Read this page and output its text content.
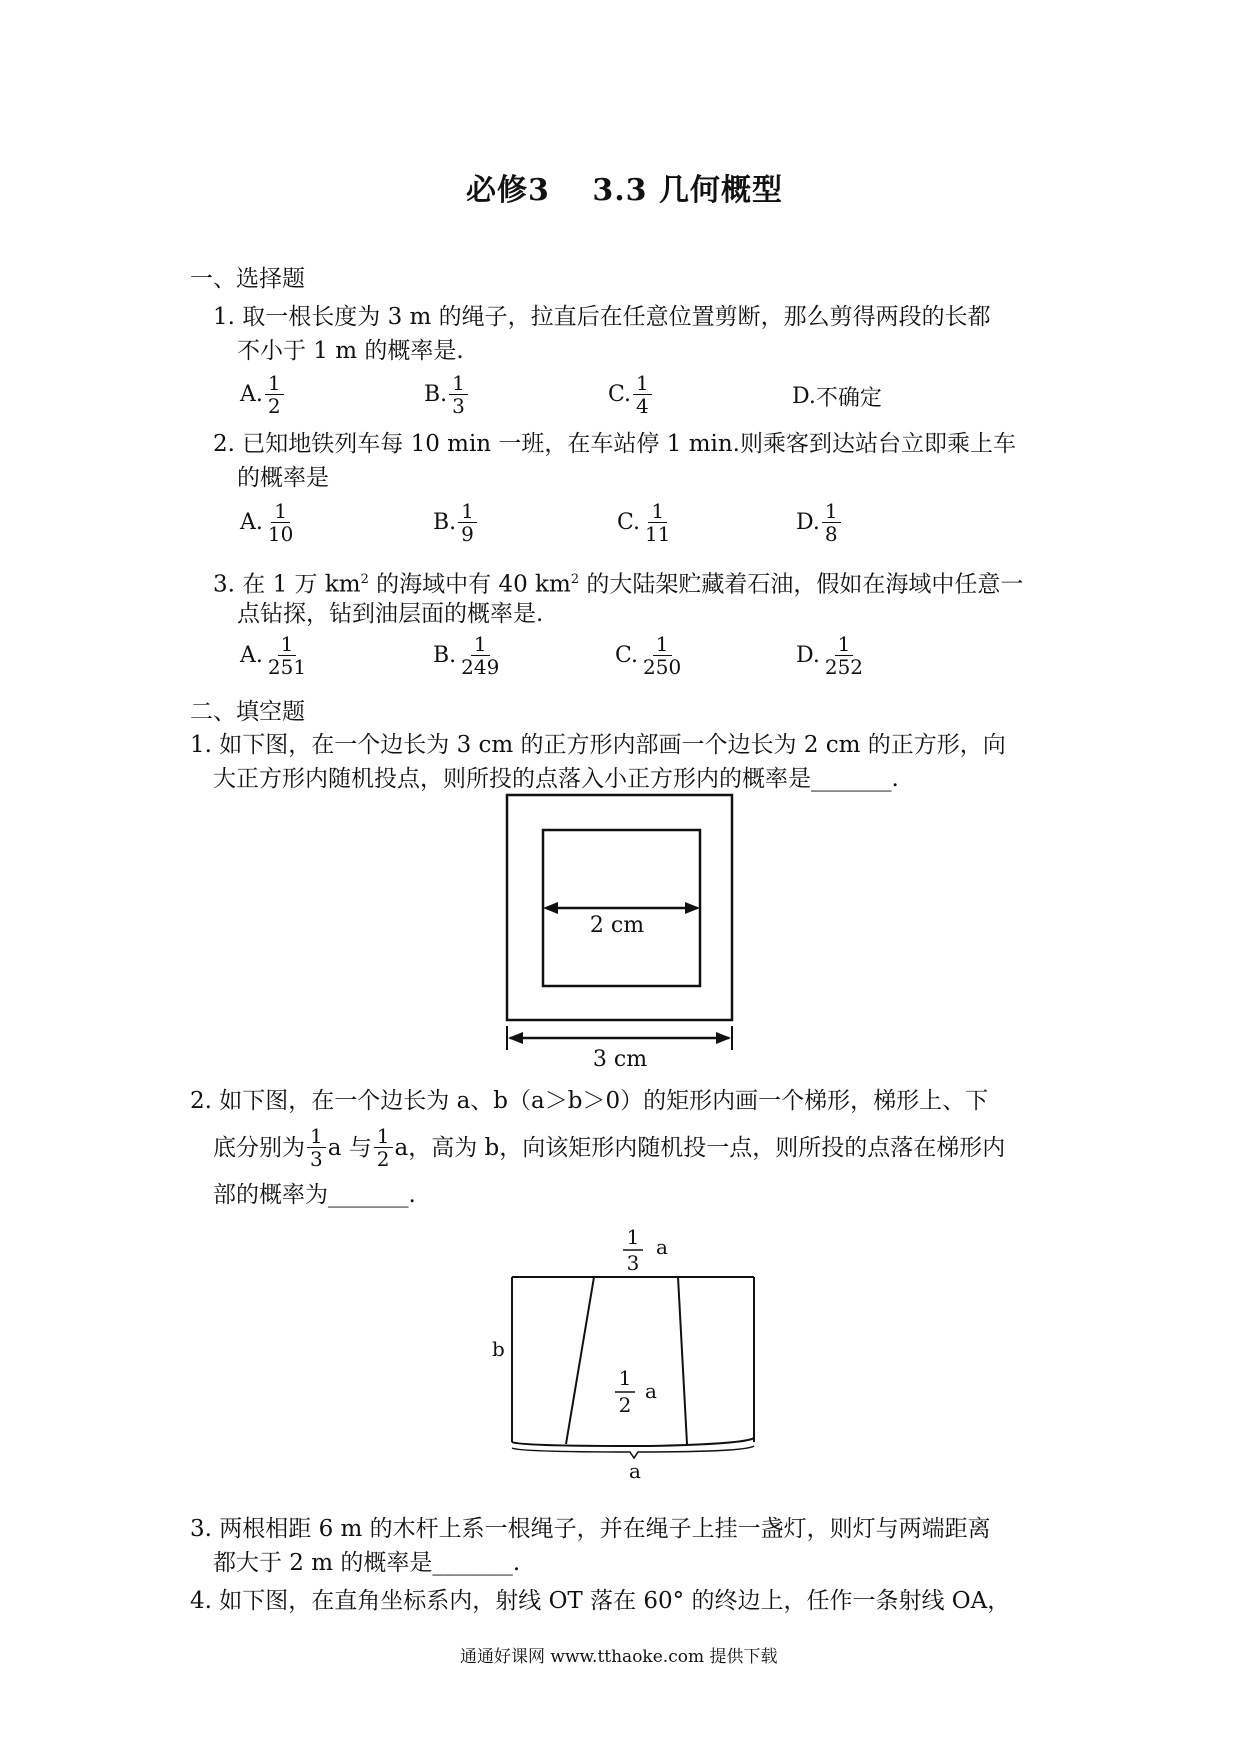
必修3　 3.3 几何概型
一、选择题
1. 取一根长度为 3 m 的绳子，拉直后在任意位置剪断，那么剪得两段的长都
不小于 1 m 的概率是.
A. $\frac{1}{2}$	B. $\frac{1}{3}$	C. $\frac{1}{4}$	D. 不确定
2. 已知地铁列车每 10 min 一班，在车站停 1 min.则乘客到达站台立即乘上车
的概率是
A. $\frac{1}{10}$	B. $\frac{1}{9}$	C. $\frac{1}{11}$	D. $\frac{1}{8}$
3. 在 1 万 $km^2$ 的海域中有 40 $km^2$ 的大陆架贮藏着石油，假如在海域中任意一
点钻探，钻到油层面的概率是.
A. $\frac{1}{251}$	B. $\frac{1}{249}$	C. $\frac{1}{250}$	D. $\frac{1}{252}$
二、填空题
1. 如下图，在一个边长为 3 cm 的正方形内部画一个边长为 2 cm 的正方形，向
大正方形内随机投点，则所投的点落入小正方形内的概率是_______.
2 cm
3 cm
2. 如下图，在一个边长为 a、b（a＞b＞0）的矩形内画一个梯形，梯形上、下
底分别为 $\frac{1}{3}$ a 与 $\frac{1}{2}$ a，高为 b，向该矩形内随机投一点，则所投的点落在梯形内
部的概率为_______.
1
3
a
b
1
2
a
a
3. 两根相距 6 m 的木杆上系一根绳子，并在绳子上挂一盏灯，则灯与两端距离
都大于 2 m 的概率是_______.
4. 如下图，在直角坐标系内，射线 OT 落在 60° 的终边上，任作一条射线 OA，
通通好课网 www.tthaoke.com 提供下载
